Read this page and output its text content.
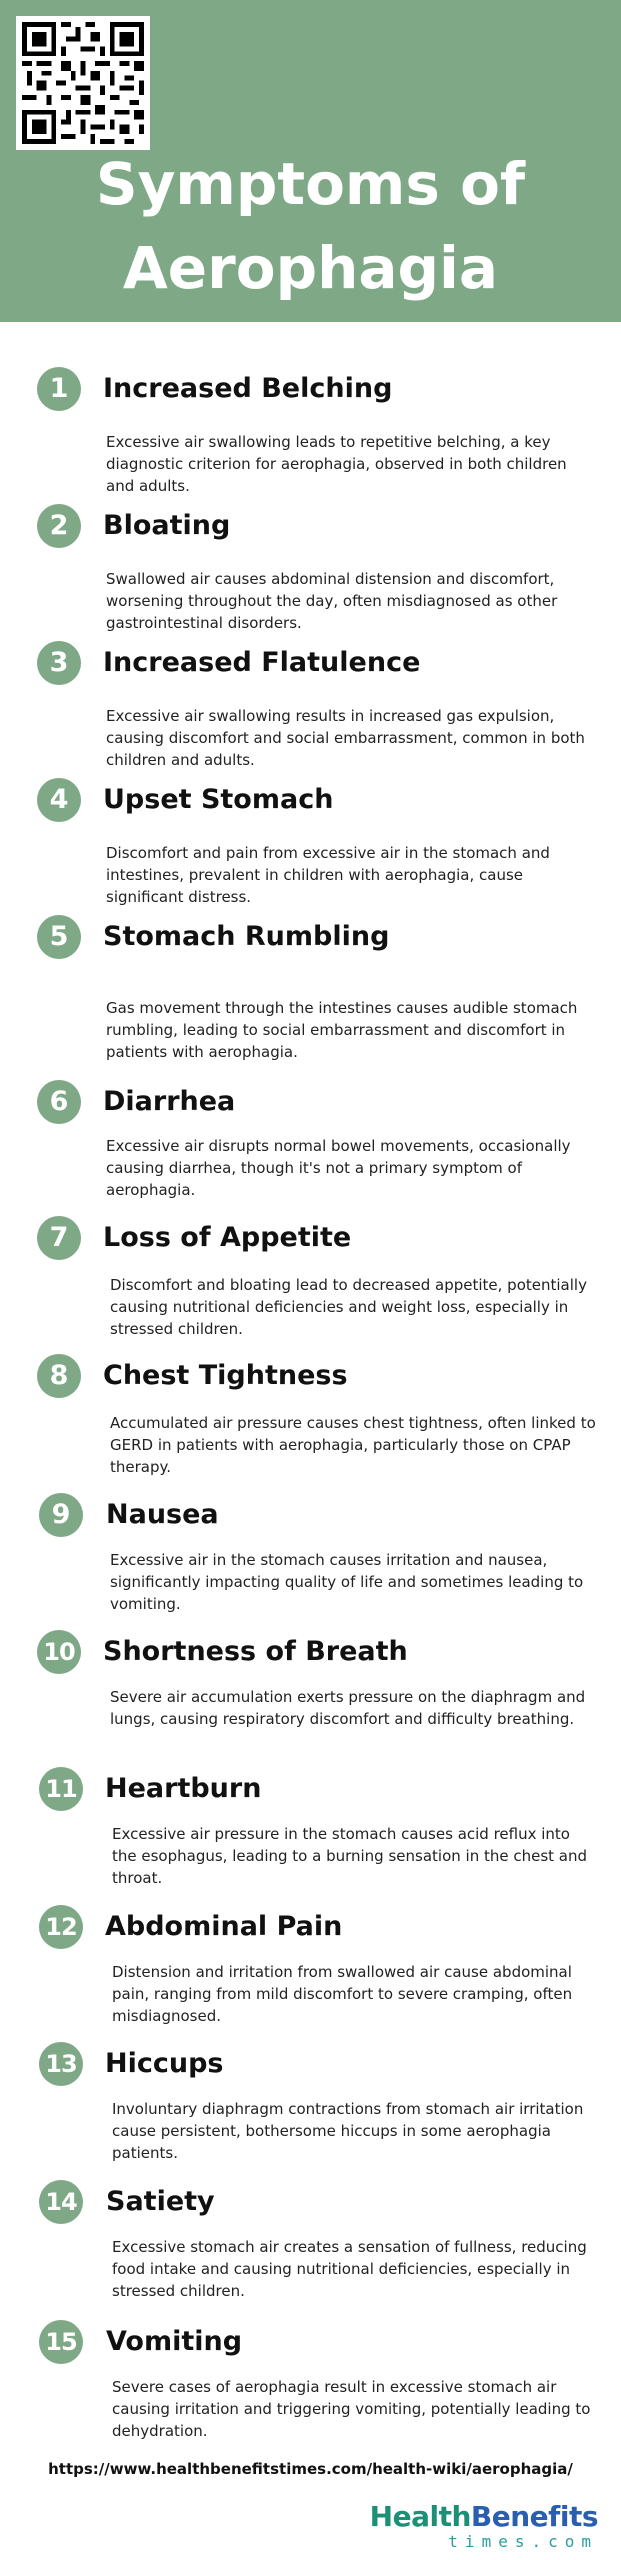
Symptoms of
Aerophagia
1	Increased Belching
Excessive air swallowing leads to repetitive belching, a key diagnostic criterion for aerophagia, observed in both children and adults.
2	Bloating
Swallowed air causes abdominal distension and discomfort, worsening throughout the day, often misdiagnosed as other gastrointestinal disorders.
3	Increased Flatulence
Excessive air swallowing results in increased gas expulsion, causing discomfort and social embarrassment, common in both children and adults.
4	Upset Stomach
Discomfort and pain from excessive air in the stomach and intestines, prevalent in children with aerophagia, cause significant distress.
5	Stomach Rumbling
Gas movement through the intestines causes audible stomach rumbling, leading to social embarrassment and discomfort in patients with aerophagia.
6	Diarrhea
Excessive air disrupts normal bowel movements, occasionally causing diarrhea, though it's not a primary symptom of aerophagia.
7	Loss of Appetite
Discomfort and bloating lead to decreased appetite, potentially causing nutritional deficiencies and weight loss, especially in stressed children.
8	Chest Tightness
Accumulated air pressure causes chest tightness, often linked to GERD in patients with aerophagia, particularly those on CPAP therapy.
9	Nausea
Excessive air in the stomach causes irritation and nausea, significantly impacting quality of life and sometimes leading to vomiting.
10 Shortness of Breath
Severe air accumulation exerts pressure on the diaphragm and lungs, causing respiratory discomfort and difficulty breathing.
11 Heartburn
Excessive air pressure in the stomach causes acid reflux into the esophagus, leading to a burning sensation in the chest and throat.
12 Abdominal Pain
Distension and irritation from swallowed air cause abdominal pain, ranging from mild discomfort to severe cramping, often misdiagnosed.
13 Hiccups
Involuntary diaphragm contractions from stomach air irritation cause persistent, bothersome hiccups in some aerophagia patients.
14 Satiety
Excessive stomach air creates a sensation of fullness, reducing food intake and causing nutritional deficiencies, especially in stressed children.
15 Vomiting
Severe cases of aerophagia result in excessive stomach air causing irritation and triggering vomiting, potentially leading to dehydration.
https://www.healthbenefitstimes.com/health-wiki/aerophagia/
HealthBenefits
times.com
